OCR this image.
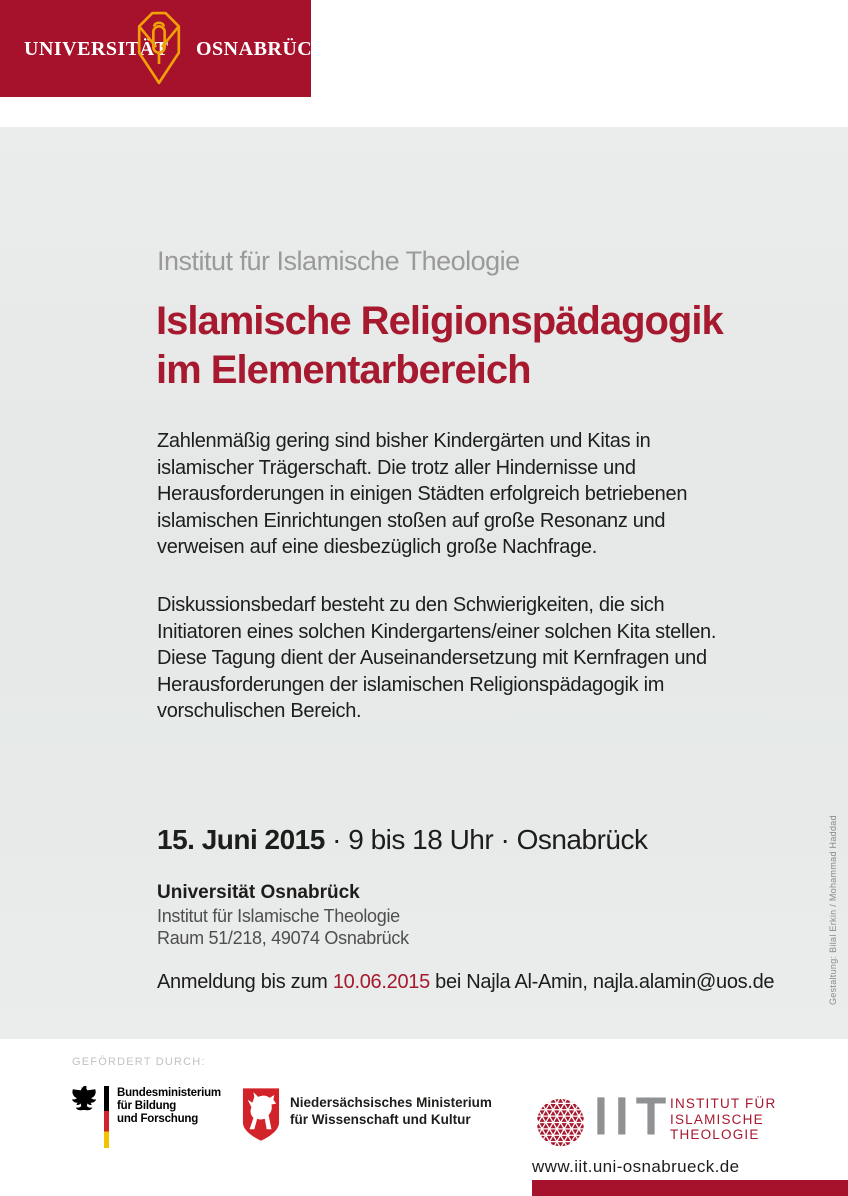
UNIVERSITÄT OSNABRÜCK
Institut für Islamische Theologie
Islamische Religionspädagogik
im Elementarbereich
Zahlenmäßig gering sind bisher Kindergärten und Kitas in
islamischer Trägerschaft. Die trotz aller Hindernisse und
Herausforderungen in einigen Städten erfolgreich betriebenen
islamischen Einrichtungen stoßen auf große Resonanz und
verweisen auf eine diesbezüglich große Nachfrage.
Diskussionsbedarf besteht zu den Schwierigkeiten, die sich
Initiatoren eines solchen Kindergartens/einer solchen Kita stellen.
Diese Tagung dient der Auseinandersetzung mit Kernfragen und
Herausforderungen der islamischen Religionspädagogik im
vorschulischen Bereich.
15. Juni 2015 · 9 bis 18 Uhr · Osnabrück
Universität Osnabrück
Institut für Islamische Theologie
Raum 51/218, 49074 Osnabrück
Anmeldung bis zum 10.06.2015 bei Najla Al-Amin, najla.alamin@uos.de	Gestaltung: Bilal Erkin / Mohammad Haddad
GEFÖRDERT DURCH:
Bundesministerium
für Bildung
und Forschung
Niedersächsisches Ministerium
für Wissenschaft und Kultur	IIT
INSTITUT FÜR
ISLAMISCHE
THEOLOGIE
www.iit.uni-osnabrueck.de
